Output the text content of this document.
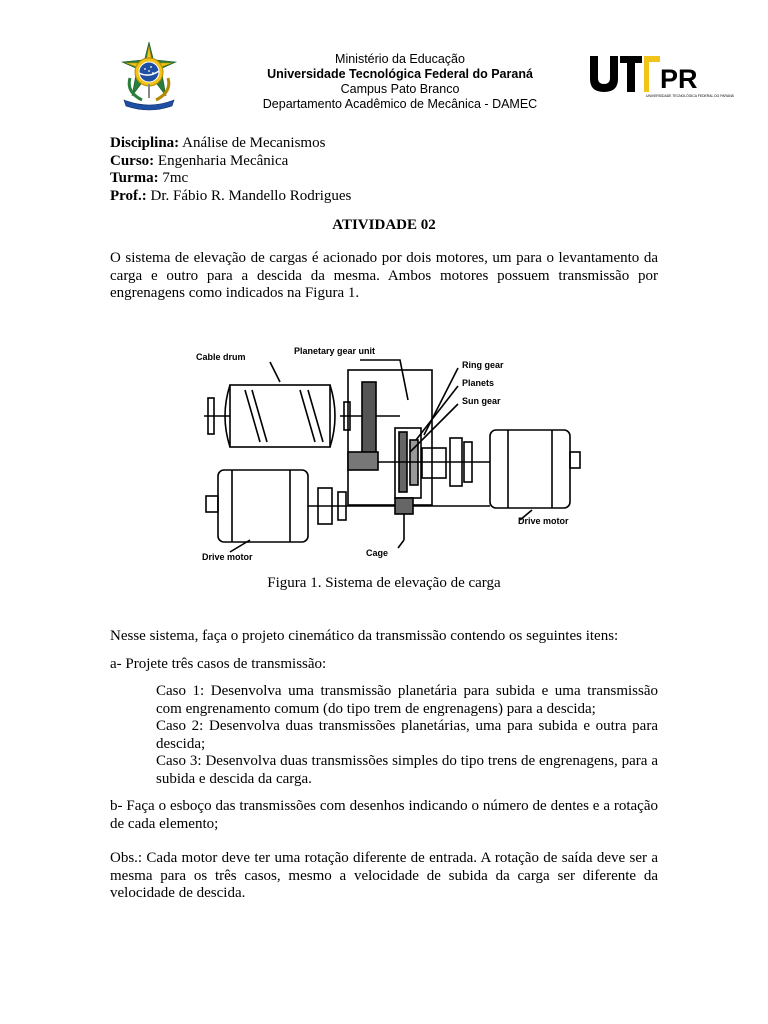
Ministério da Educação
Universidade Tecnológica Federal do Paraná
Campus Pato Branco
Departamento Acadêmico de Mecânica - DAMEC
PR
UNIVERSIDADE TECNOLÓGICA FEDERAL DO PARANÁ
Disciplina: Análise de Mecanismos
Curso: Engenharia Mecânica
Turma: 7mc
Prof.: Dr. Fábio R. Mandello Rodrigues
ATIVIDADE 02
O sistema de elevação de cargas é acionado por dois motores, um para o levantamento da carga e outro para a descida da mesma. Ambos motores possuem transmissão por engrenagens como indicados na Figura 1.
Cable drum
Planetary gear unit
Ring gear
Planets
Sun gear
Drive motor
Drive motor	Cage
Figura 1. Sistema de elevação de carga
Nesse sistema, faça o projeto cinemático da transmissão contendo os seguintes itens:
a- Projete três casos de transmissão:
Caso 1: Desenvolva uma transmissão planetária para subida e uma transmissão com engrenamento comum (do tipo trem de engrenagens) para a descida;
Caso 2: Desenvolva duas transmissões planetárias, uma para subida e outra para descida;
Caso 3: Desenvolva duas transmissões simples do tipo trens de engrenagens, para a subida e descida da carga.
b- Faça o esboço das transmissões com desenhos indicando o número de dentes e a rotação de cada elemento;
Obs.: Cada motor deve ter uma rotação diferente de entrada. A rotação de saída deve ser a mesma para os três casos, mesmo a velocidade de subida da carga ser diferente da velocidade de descida.
